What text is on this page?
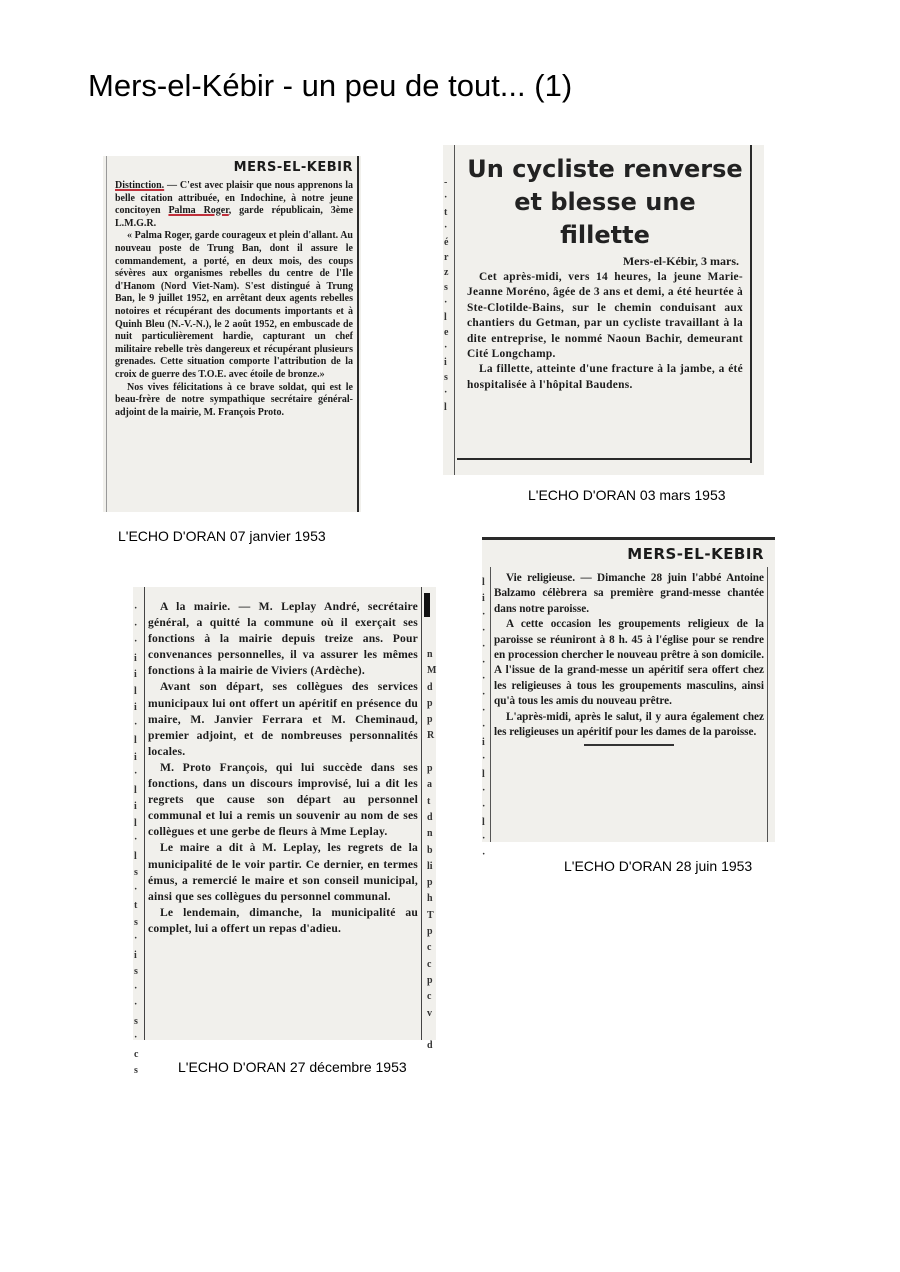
Mers-el-Kébir - un peu de tout... (1)
MERS-EL-KEBIR

Distinction. — C'est avec plaisir que nous apprenons la belle citation attribuée, en Indochine, à notre jeune concitoyen Palma Roger, garde républicain, 3ème L.M.G.R.

« Palma Roger, garde courageux et plein d'allant. Au nouveau poste de Trung Ban, dont il assure le commandement, a porté, en deux mois, des coups sévères aux organismes rebelles du centre de l'Ile d'Hanom (Nord Viet-Nam). S'est distingué à Trung Ban, le 9 juillet 1952, en arrêtant deux agents rebelles notoires et récupérant des documents importants et à Quinh Bleu (N.-V.-N.), le 2 août 1952, en embuscade de nuit particulièrement hardie, capturant un chef militaire rebelle très dangereux et récupérant plusieurs grenades. Cette situation comporte l'attribution de la croix de guerre des T.O.E. avec étoile de bronze.»

Nos vives félicitations à ce brave soldat, qui est le beau-frère de notre sympathique secrétaire général-adjoint de la mairie, M. François Proto.

L'ECHO D'ORAN 07 janvier 1953
-
·
t
·
é
r
z
s
·
l
e
·
i
s
·
l
Un cycliste renverse et blesse une fillette
Mers-el-Kébir, 3 mars.

Cet après-midi, vers 14 heures, la jeune Marie-Jeanne Moréno, âgée de 3 ans et demi, a été heurtée à Ste-Clotilde-Bains, sur le chemin conduisant aux chantiers du Getman, par un cycliste travaillant à la dite entreprise, le nommé Naoun Bachir, demeurant Cité Longchamp.

La fillette, atteinte d'une fracture à la jambe, a été hospitalisée à l'hôpital Baudens.

L'ECHO D'ORAN 03 mars 1953
·
·
·
i
i
l
i
·
l
i
·
l
i
l
·
l
s
·
t
s
·
i
s
·
·
s
·
c
s
n
M
d
p
p
R

p
a
t
d
n
b
li
p
h
T
p
c
c
p
c
v

d

A la mairie. — M. Leplay André, secrétaire général, a quitté la commune où il exerçait ses fonctions à la mairie depuis treize ans. Pour convenances personnelles, il va assurer les mêmes fonctions à la mairie de Viviers (Ardèche).

Avant son départ, ses collègues des services municipaux lui ont offert un apéritif en présence du maire, M. Janvier Ferrara et M. Cheminaud, premier adjoint, et de nombreuses personnalités locales.

M. Proto François, qui lui succède dans ses fonctions, dans un discours improvisé, lui a dit les regrets que cause son départ au personnel communal et lui a remis un souvenir au nom de ses collègues et une gerbe de fleurs à Mme Leplay.

Le maire a dit à M. Leplay, les regrets de la municipalité de le voir partir. Ce dernier, en termes émus, a remercié le maire et son conseil municipal, ainsi que ses collègues du personnel communal.

Le lendemain, dimanche, la municipalité au complet, lui a offert un repas d'adieu.

L'ECHO D'ORAN 27 décembre 1953
l
i
·
·
·
·
·
·
·
·
i
·
l
·
·
l
·
·
MERS-EL-KEBIR

Vie religieuse. — Dimanche 28 juin l'abbé Antoine Balzamo célèbrera sa première grand-messe chantée dans notre paroisse.

A cette occasion les groupements religieux de la paroisse se réuniront à 8 h. 45 à l'église pour se rendre en procession chercher le nouveau prêtre à son domicile. A l'issue de la grand-messe un apéritif sera offert chez les religieuses à tous les groupements masculins, ainsi qu'à tous les amis du nouveau prêtre.

L'après-midi, après le salut, il y aura également chez les religieuses un apéritif pour les dames de la paroisse.

L'ECHO D'ORAN 28 juin 1953
